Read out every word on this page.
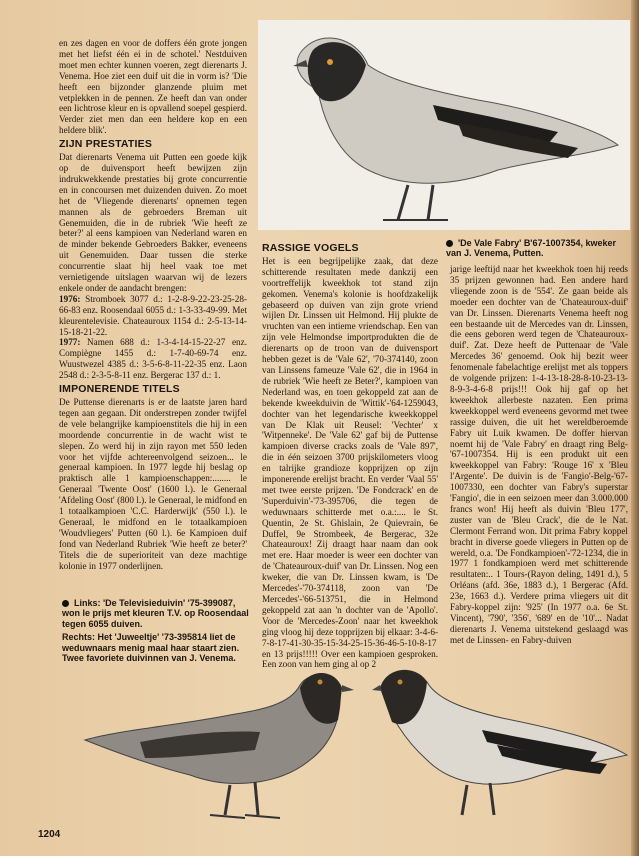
en zes dagen en voor de doffers één grote jongen met het liefst één ei in de schotel.' Nestduiven moet men echter kunnen voeren, zegt dierenarts J. Venema. Hoe ziet een duif uit die in vorm is? 'Die heeft een bijzonder glanzende pluim met vetplekken in de pennen. Ze heeft dan van onder een lichtrose kleur en is opvallend soepel gespierd. Verder ziet men dan een heldere kop en een heldere blik'.

ZIJN PRESTATIES

Dat dierenarts Venema uit Putten een goede kijk op de duivensport heeft bewijzen zijn indrukwekkende prestaties bij grote concurrentie en in concoursen met duizenden duiven. Zo moet het de 'Vliegende dierenarts' opnemen tegen mannen als de gebroeders Breman uit Genemuiden, die in de rubriek 'Wie heeft ze beter?' al eens kampioen van Nederland waren en de minder bekende Gebroeders Bakker, eveneens uit Genemuiden. Daar tussen die sterke concurrentie slaat hij heel vaak toe met vernietigende uitslagen waarvan wij de lezers enkele onder de aandacht brengen:

1976: Stromboek 3077 d.: 1-2-8-9-22-23-25-28-66-83 enz. Roosendaal 6055 d.: 1-3-33-49-99. Met kleurentelevisie. Chateauroux 1154 d.: 2-5-13-14-15-18-21-22.

1977: Namen 688 d.: 1-3-4-14-15-22-27 enz. Compiègne 1455 d.: 1-7-40-69-74 enz. Wuustwezel 4385 d.: 3-5-6-8-11-22-35 enz. Laon 2548 d.: 2-3-5-8-11 enz. Bergerac 137 d.: 1.

IMPONERENDE TITELS

De Puttense dierenarts is er de laatste jaren hard tegen aan gegaan. Dit onderstrepen zonder twijfel de vele belangrijke kampioenstitels die hij in een moordende concurrentie in de wacht wist te slepen. Zo werd hij in zijn rayon met 550 leden voor het vijfde achtereenvolgend seizoen... le generaal kampioen. In 1977 legde hij beslag op praktisch alle 1 kampioenschappen:........ le Generaal 'Twente Oost' (1600 l.). le Generaal 'Afdeling Oost' (800 l.). le Generaal, le midfond en 1 totaalkampioen 'C.C. Harderwijk' (550 l.). le Generaal, le midfond en le totaalkampioen 'Woudvliegers' Putten (60 l.). 6e Kampioen duif fond van Nederland Rubriek 'Wie heeft ze beter?' Titels die de superioriteit van deze machtige kolonie in 1977 onderlijnen.

Links: 'De Televisieduivin' '75-399087, won le prijs met kleuren T.V. op Roosendaal tegen 6055 duiven.

Rechts: Het 'Juweeltje' '73-395814 liet de weduwnaars menig maal haar staart zien. Twee favoriete duivinnen van J. Venema.

RASSIGE VOGELS

Het is een begrijpelijke zaak, dat deze schitterende resultaten mede dankzij een voortreffelijk kweekhok tot stand zijn gekomen. Venema's kolonie is hoofdzakelijk gebaseerd op duiven van zijn grote vriend wijlen Dr. Linssen uit Helmond. Hij plukte de vruchten van een intieme vriendschap. Een van zijn vele Helmondse importprodukten die de dierenarts op de troon van de duivensport hebben gezet is de 'Vale 62', '70-374140, zoon van Linssens fameuze 'Vale 62', die in 1964 in de rubriek 'Wie heeft ze Beter?', kampioen van Nederland was, en toen gekoppeld zat aan de bekende kweekduivin de 'Wittik'-'64-1259043, dochter van het legendarische kweekkoppel van De Klak uit Reusel: 'Vechter' x 'Witpenneke'. De 'Vale 62' gaf bij de Puttense kampioen diverse cracks zoals de 'Vale 897', die in één seizoen 3700 prijskilometers vloog en talrijke grandioze kopprijzen op zijn imponerende erelijst bracht. En verder 'Vaal 55' met twee eerste prijzen. 'De Fondcrack' en de 'Superduivin'-'73-395706, die tegen de weduwnaars schitterde met o.a.:.... le St. Quentin, 2e St. Ghislain, 2e Quievrain, 6e Duffel, 9e Strombeek, 4e Bergerac, 32e Chateauroux! Zij draagt haar naam dan ook met ere. Haar moeder is weer een dochter van de 'Chateauroux-duif' van Dr. Linssen. Nog een kweker, die van Dr. Linssen kwam, is 'De Mercedes'-'70-374118, zoon van 'De Mercedes'-'66-513751, die in Helmond gekoppeld zat aan 'n dochter van de 'Apollo'. Voor de 'Mercedes-Zoon' naar het kweekhok ging vloog hij deze topprijzen bij elkaar: 3-4-6-7-8-17-41-30-35-15-34-25-15-36-46-5-10-8-17 en 13 prijs!!!!! Over een kampioen gesproken. Een zoon van hem ging al op 2

'De Vale Fabry' B'67-1007354, kweker van J. Venema, Putten.

jarige leeftijd naar het kweekhok toen hij reeds 35 prijzen gewonnen had. Een andere hard vliegende zoon is de '554'. Ze gaan beide als moeder een dochter van de 'Chateauroux-duif' van Dr. Linssen. Dierenarts Venema heeft nog een bestaande uit de Mercedes van dr. Linssen, die eens geboren werd tegen de 'Chateauroux-duif'. Zat. Deze heeft de Puttenaar de 'Vale Mercedes 36' genoemd. Ook hij bezit weer fenomenale fabelachtige erelijst met als toppers de volgende prijzen: 1-4-13-18-28-8-10-23-13-8-9-3-4-6-8 prijs!!! Ook hij gaf op het kweekhok allerbeste nazaten. Een prima kweekkoppel werd eveneens gevormd met twee rassige duiven, die uit het wereldberoemde Fabry uit Luik kwamen. De doffer hiervan noemt hij de 'Vale Fabry' en draagt ring Belg-'67-1007354. Hij is een produkt uit een kweekkoppel van Fabry: 'Rouge 16' x 'Bleu l'Argente'. De duivin is de 'Fangio'-Belg-'67-1007330, een dochter van Fabry's superstar 'Fangio', die in een seizoen meer dan 3.000.000 francs won! Hij heeft als duivin 'Bleu 177', zuster van de 'Bleu Crack', die de le Nat. Clermont Ferrand won. Dit prima Fabry koppel bracht in diverse goede vliegers in Putten op de wereld, o.a. 'De Fondkampioen'-'72-1234, die in 1977 1 fondkampioen werd met schitterende resultaten:.. 1 Tours-(Rayon deling, 1491 d.), 5 Orléans (afd. 36e, 1883 d.), 1 Bergerac (Afd. 23e, 1663 d.). Verdere prima vliegers uit dit Fabry-koppel zijn: '925' (In 1977 o.a. 6e St. Vincent), '790', '356', '689' en de '10'... Nadat dierenarts J. Venema uitstekend geslaagd was met de Linssen- en Fabry-duiven

1204
